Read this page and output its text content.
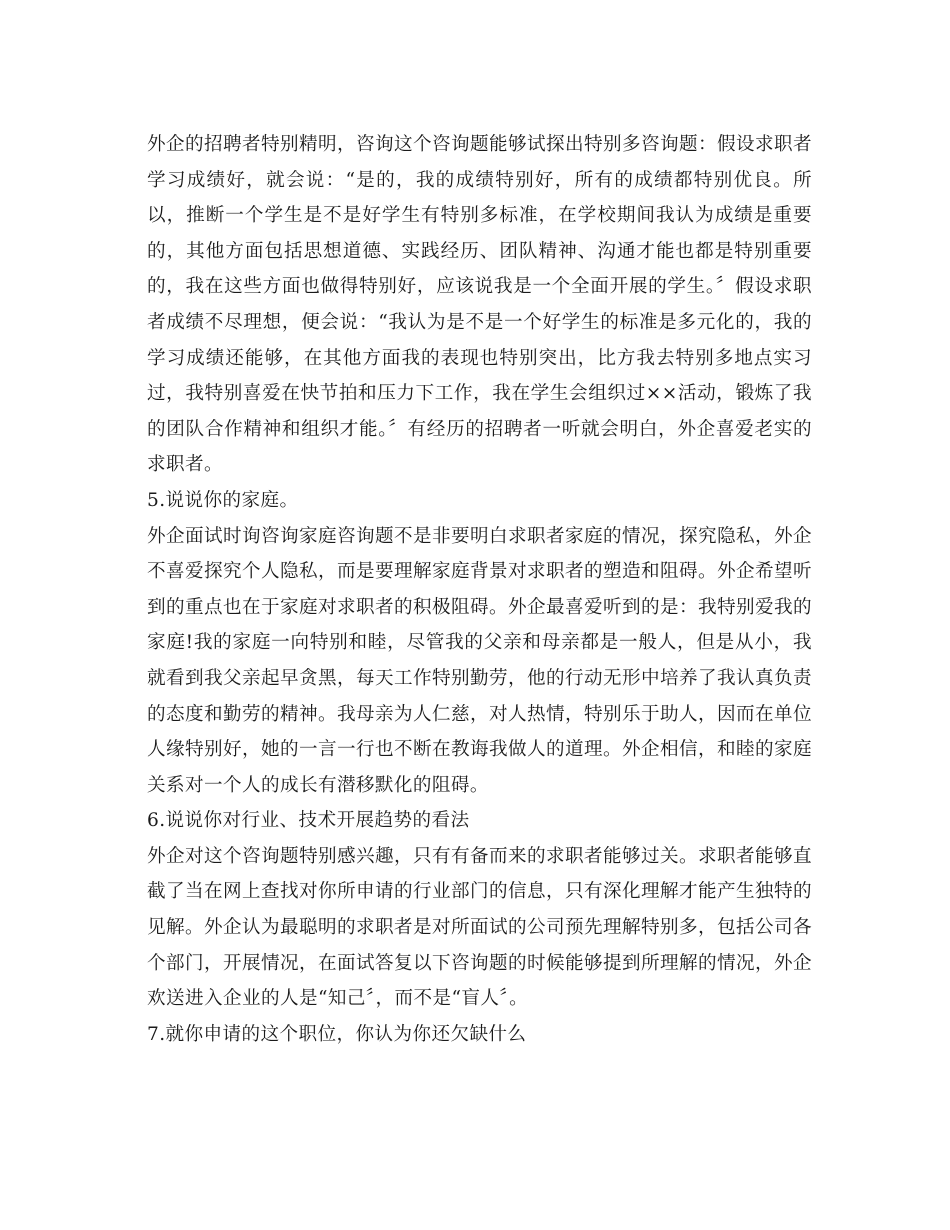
外企的招聘者特别精明，咨询这个咨询题能够试探出特别多咨询题：假设求职者学习成绩好，就会说：“是的，我的成绩特别好，所有的成绩都特别优良。所以，推断一个学生是不是好学生有特别多标准，在学校期间我认为成绩是重要的，其他方面包括思想道德、实践经历、团队精神、沟通才能也都是特别重要的，我在这些方面也做得特别好，应该说我是一个全面开展的学生。〞假设求职者成绩不尽理想，便会说：“我认为是不是一个好学生的标准是多元化的，我的学习成绩还能够，在其他方面我的表现也特别突出，比方我去特别多地点实习过，我特别喜爱在快节拍和压力下工作，我在学生会组织过××活动，锻炼了我的团队合作精神和组织才能。〞有经历的招聘者一听就会明白，外企喜爱老实的求职者。

5.说说你的家庭。

外企面试时询咨询家庭咨询题不是非要明白求职者家庭的情况，探究隐私，外企不喜爱探究个人隐私，而是要理解家庭背景对求职者的塑造和阻碍。外企希望听到的重点也在于家庭对求职者的积极阻碍。外企最喜爱听到的是：我特别爱我的家庭!我的家庭一向特别和睦，尽管我的父亲和母亲都是一般人，但是从小，我就看到我父亲起早贪黑，每天工作特别勤劳，他的行动无形中培养了我认真负责的态度和勤劳的精神。我母亲为人仁慈，对人热情，特别乐于助人，因而在单位人缘特别好，她的一言一行也不断在教诲我做人的道理。外企相信，和睦的家庭关系对一个人的成长有潜移默化的阻碍。

6.说说你对行业、技术开展趋势的看法

外企对这个咨询题特别感兴趣，只有有备而来的求职者能够过关。求职者能够直截了当在网上查找对你所申请的行业部门的信息，只有深化理解才能产生独特的见解。外企认为最聪明的求职者是对所面试的公司预先理解特别多，包括公司各个部门，开展情况，在面试答复以下咨询题的时候能够提到所理解的情况，外企欢送进入企业的人是“知己〞，而不是“盲人〞。

7.就你申请的这个职位，你认为你还欠缺什么
